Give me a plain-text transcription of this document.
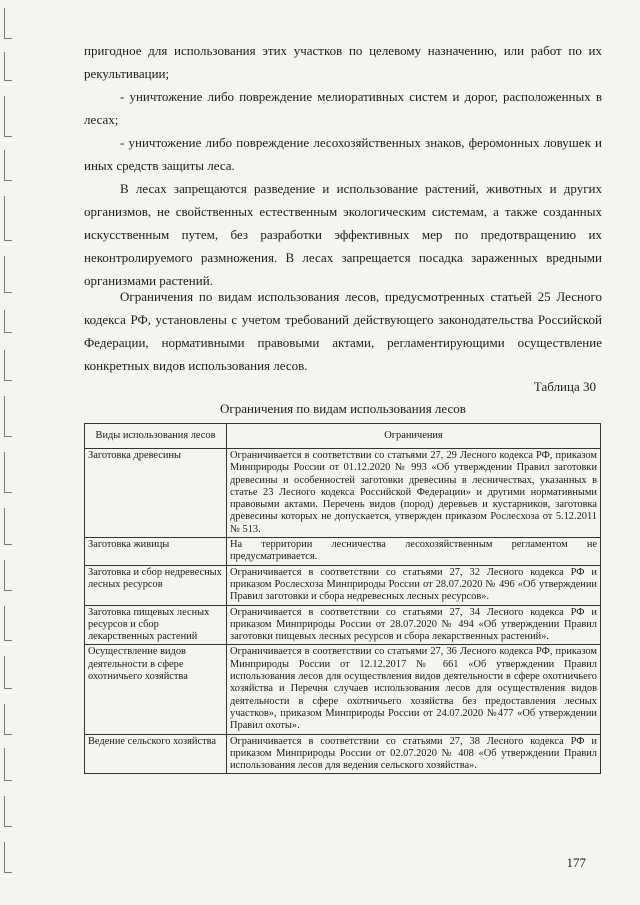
пригодное для использования этих участков по целевому назначению, или работ по их рекультивации;

- уничтожение либо повреждение мелиоративных систем и дорог, расположенных в лесах;

- уничтожение либо повреждение лесохозяйственных знаков, феромонных ловушек и иных средств защиты леса.

В лесах запрещаются разведение и использование растений, животных и других организмов, не свойственных естественным экологическим системам, а также созданных искусственным путем, без разработки эффективных мер по предотвращению их неконтролируемого размножения. В лесах запрещается посадка зараженных вредными организмами растений.

Ограничения по видам использования лесов, предусмотренных статьей 25 Лесного кодекса РФ, установлены с учетом требований действующего законодательства Российской Федерации, нормативными правовыми актами, регламентирующими осуществление конкретных видов использования лесов.

Таблица 30
Ограничения по видам использования лесов
Виды использования лесов	Ограничения
Заготовка древесины	Ограничивается в соответствии со статьями 27, 29 Лесного кодекса РФ, приказом Минприроды России от 01.12.2020 № 993 «Об утверждении Правил заготовки древесины и особенностей заготовки древесины в лесничествах, указанных в статье 23 Лесного кодекса Российской Федерации» и другими нормативными правовыми актами. Перечень видов (пород) деревьев и кустарников, заготовка древесины которых не допускается, утвержден приказом Рослесхоза от 5.12.2011 № 513.
Заготовка живицы	На территории лесничества лесохозяйственным регламентом не предусматривается.
Заготовка и сбор недревесных лесных ресурсов	Ограничивается в соответствии со статьями 27, 32 Лесного кодекса РФ и приказом Рослесхоза Минприроды России от 28.07.2020 № 496 «Об утверждении Правил заготовки и сбора недревесных лесных ресурсов».
Заготовка пищевых лесных ресурсов и сбор лекарственных растений	Ограничивается в соответствии со статьями 27, 34 Лесного кодекса РФ и приказом Минприроды России от 28.07.2020 № 494 «Об утверждении Правил заготовки пищевых лесных ресурсов и сбора лекарственных растений».
Осуществление видов деятельности в сфере охотничьего хозяйства	Ограничивается в соответствии со статьями 27, 36 Лесного кодекса РФ, приказом Минприроды России от 12.12.2017 № 661 «Об утверждении Правил использования лесов для осуществления видов деятельности в сфере охотничьего хозяйства и Перечня случаев использования лесов для осуществления видов деятельности в сфере охотничьего хозяйства без предоставления лесных участков», приказом Минприроды России от 24.07.2020 №477 «Об утверждении Правил охоты».
Ведение сельского хозяйства	Ограничивается в соответствии со статьями 27, 38 Лесного кодекса РФ и приказом Минприроды России от 02.07.2020 № 408 «Об утверждении Правил использования лесов для ведения сельского хозяйства».
177
